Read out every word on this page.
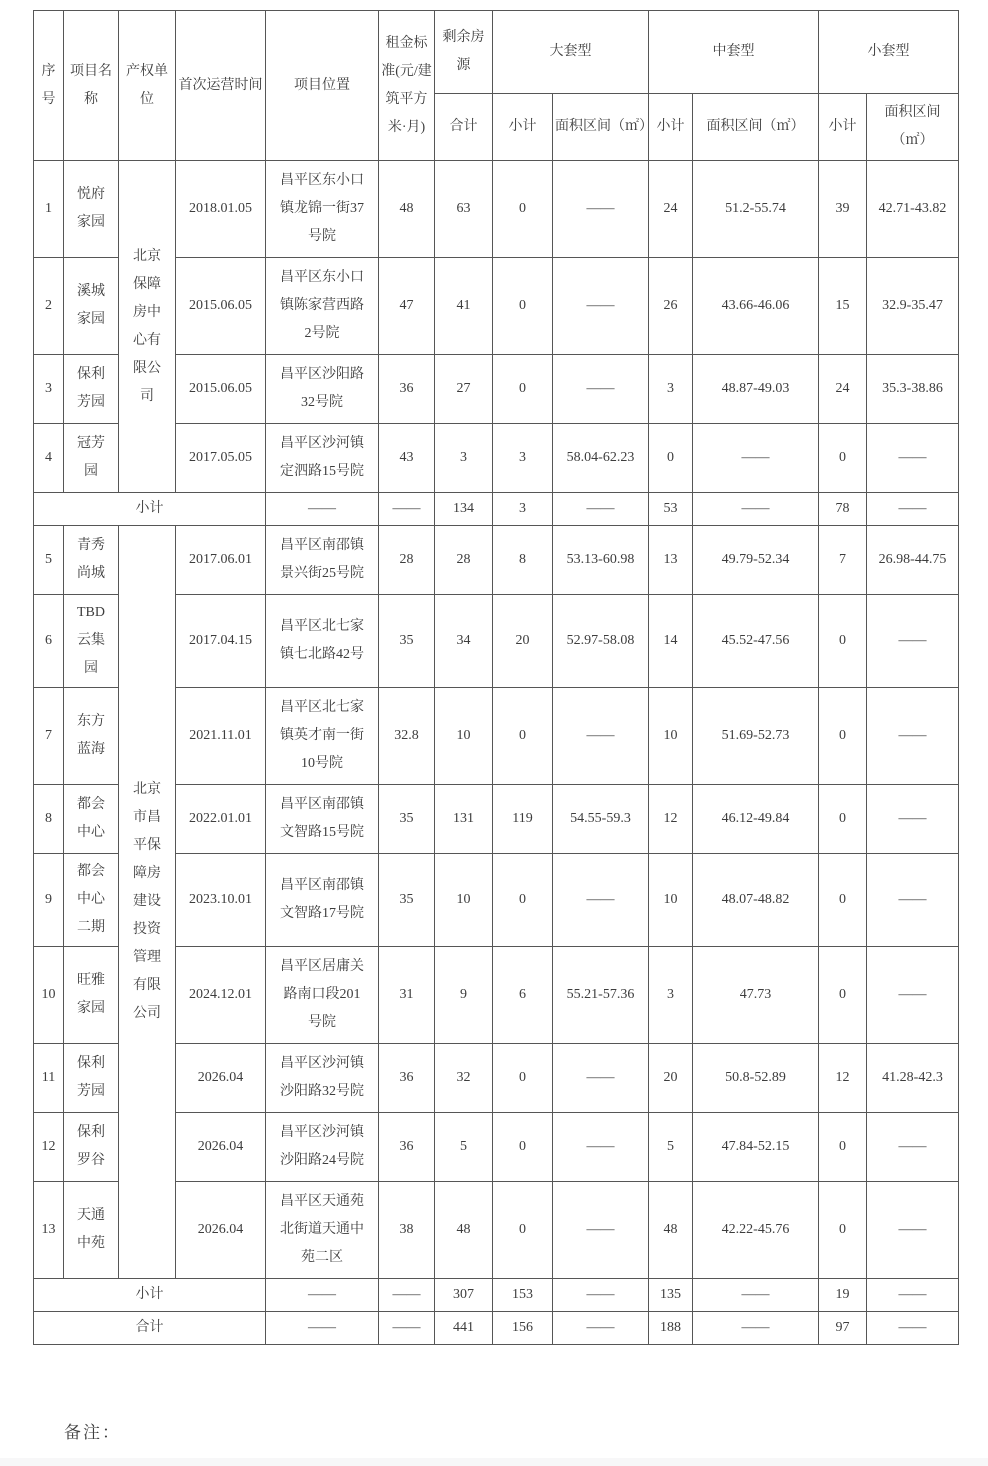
序号	项目名称	产权单位	首次运营时间	项目位置	租金标准(元/建筑平方米·月)	剩余房源	大套型		中套型		小套型	
						合计	小计	面积区间（㎡）	小计	面积区间（㎡）	小计	面积区间（㎡）
1	悦府家园	北京保障房中心有限公司	2018.01.05	昌平区东小口镇龙锦一街37号院	48	63	0	——	24	51.2-55.74	39	42.71-43.82
2	溪城家园		2015.06.05	昌平区东小口镇陈家营西路2号院	47	41	0	——	26	43.66-46.06	15	32.9-35.47
3	保利芳园		2015.06.05	昌平区沙阳路32号院	36	27	0	——	3	48.87-49.03	24	35.3-38.86
4	冠芳园		2017.05.05	昌平区沙河镇定泗路15号院	43	3	3	58.04-62.23	0	——	0	——
小计				——	——	134	3	——	53	——	78	——
5	青秀尚城	北京市昌平保障房建设投资管理有限公司	2017.06.01	昌平区南邵镇景兴街25号院	28	28	8	53.13-60.98	13	49.79-52.34	7	26.98-44.75
6	TBD云集园		2017.04.15	昌平区北七家镇七北路42号	35	34	20	52.97-58.08	14	45.52-47.56	0	——
7	东方蓝海		2021.11.01	昌平区北七家镇英才南一街10号院	32.8	10	0	——	10	51.69-52.73	0	——
8	都会中心		2022.01.01	昌平区南邵镇文智路15号院	35	131	119	54.55-59.3	12	46.12-49.84	0	——
9	都会中心二期		2023.10.01	昌平区南邵镇文智路17号院	35	10	0	——	10	48.07-48.82	0	——
10	旺雅家园		2024.12.01	昌平区居庸关路南口段201号院	31	9	6	55.21-57.36	3	47.73	0	——
11	保利芳园		2026.04	昌平区沙河镇沙阳路32号院	36	32	0	——	20	50.8-52.89	12	41.28-42.3
12	保利罗谷		2026.04	昌平区沙河镇沙阳路24号院	36	5	0	——	5	47.84-52.15	0	——
13	天通中苑		2026.04	昌平区天通苑北街道天通中苑二区	38	48	0	——	48	42.22-45.76	0	——
小计				——	——	307	153	——	135	——	19	——
合计				——	——	441	156	——	188	——	97	——
备注：
